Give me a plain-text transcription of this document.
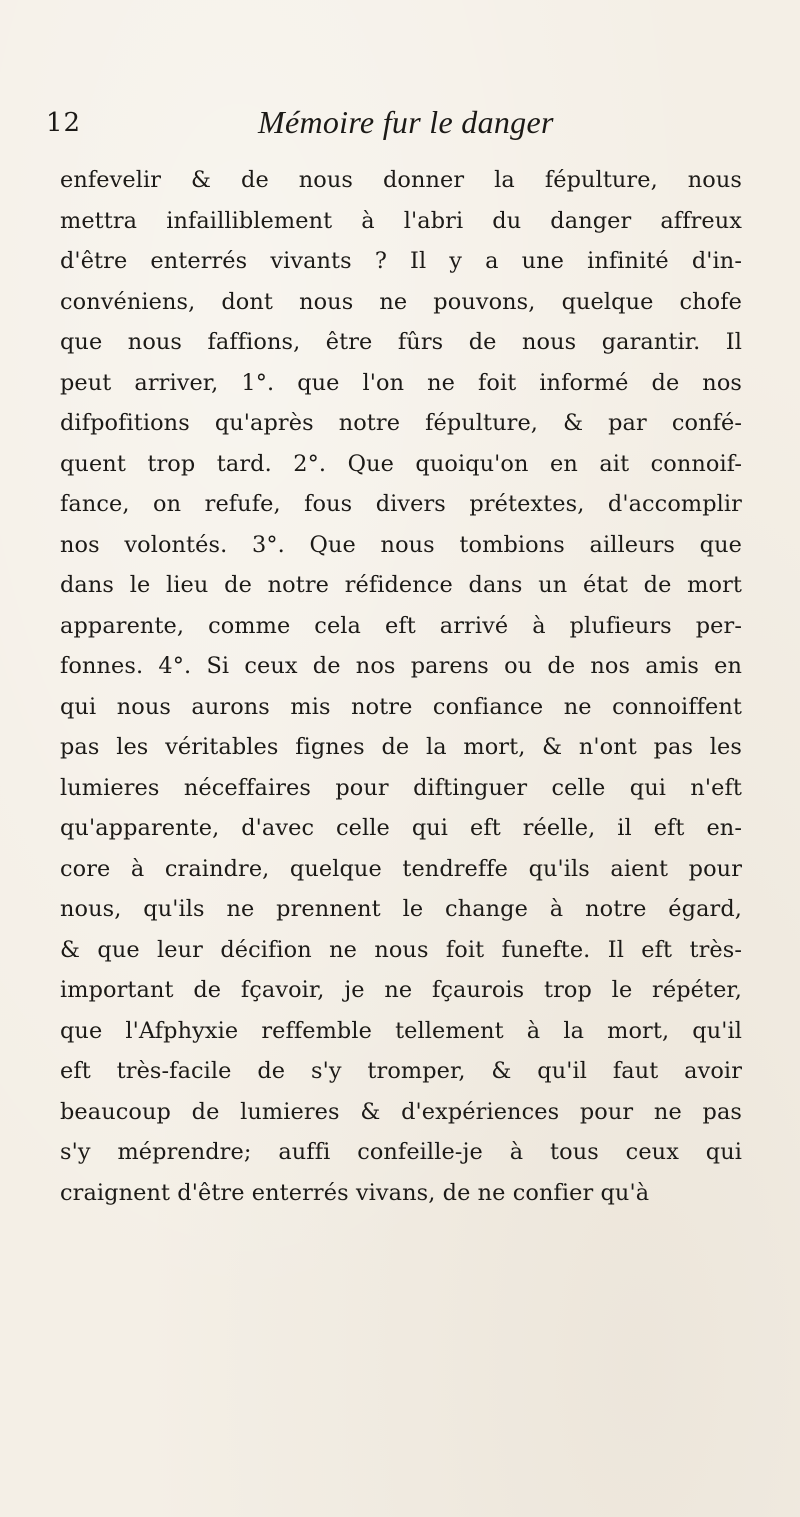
12	Mémoire fur le danger
enfevelir & de nous donner la fépulture, nous
mettra infailliblement à l'abri du danger affreux
d'être enterrés vivants ? Il y a une infinité d'in-
convéniens, dont nous ne pouvons, quelque chofe
que nous faffions, être fûrs de nous garantir. Il
peut arriver, 1°. que l'on ne foit informé de nos
difpofitions qu'après notre fépulture, & par confé-
quent trop tard. 2°. Que quoiqu'on en ait connoif-
fance, on refufe, fous divers prétextes, d'accomplir
nos volontés. 3°. Que nous tombions ailleurs que
dans le lieu de notre réfidence dans un état de mort
apparente, comme cela eft arrivé à plufieurs per-
fonnes. 4°. Si ceux de nos parens ou de nos amis en
qui nous aurons mis notre confiance ne connoiffent
pas les véritables fignes de la mort, & n'ont pas les
lumieres néceffaires pour diftinguer celle qui n'eft
qu'apparente, d'avec celle qui eft réelle, il eft en-
core à craindre, quelque tendreffe qu'ils aient pour
nous, qu'ils ne prennent le change à notre égard,
& que leur décifion ne nous foit funefte. Il eft très-
important de fçavoir, je ne fçaurois trop le répéter,
que l'Afphyxie reffemble tellement à la mort, qu'il
eft très-facile de s'y tromper, & qu'il faut avoir
beaucoup de lumieres & d'expériences pour ne pas
s'y méprendre; auffi confeille-je à tous ceux qui
craignent d'être enterrés vivans, de ne confier qu'à
